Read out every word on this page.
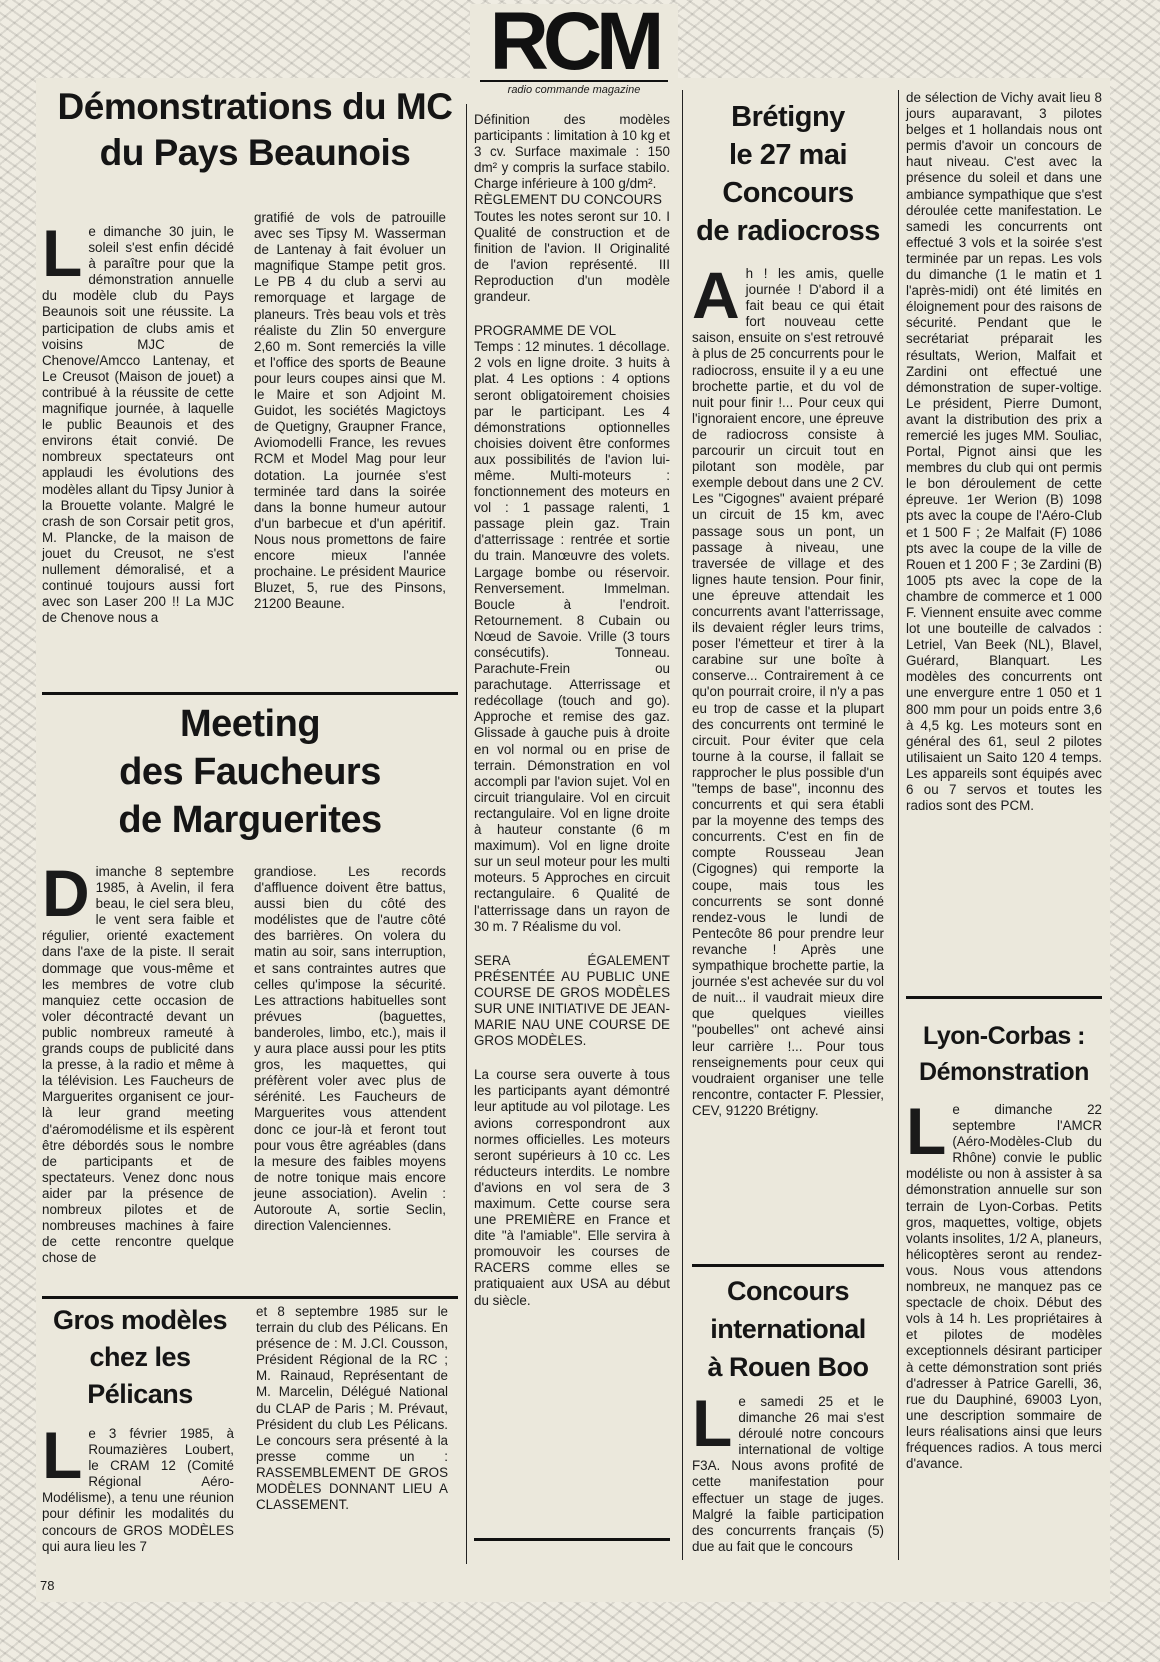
RCM
radio commande magazine
Démonstrations du MC
du Pays Beaunois
L e dimanche 30 juin, le soleil s'est enfin décidé à paraître pour que la démonstration annuelle du modèle club du Pays Beaunois soit une réussite. La participation de clubs amis et voisins MJC de Chenove/Amcco Lantenay, et Le Creusot (Maison de jouet) a contribué à la réussite de cette magnifique journée, à laquelle le public Beaunois et des environs était convié. De nombreux spectateurs ont applaudi les évolutions des modèles allant du Tipsy Junior à la Brouette volante. Malgré le crash de son Corsair petit gros, M. Plancke, de la maison de jouet du Creusot, ne s'est nullement démoralisé, et a continué toujours aussi fort avec son Laser 200 !! La MJC de Chenove nous a
gratifié de vols de patrouille avec ses Tipsy M. Wasserman de Lantenay à fait évoluer un magnifique Stampe petit gros. Le PB 4 du club a servi au remorquage et largage de planeurs. Très beau vols et très réaliste du Zlin 50 envergure 2,60 m. Sont remerciés la ville et l'office des sports de Beaune pour leurs coupes ainsi que M. le Maire et son Adjoint M. Guidot, les sociétés Magictoys de Quetigny, Graupner France, Aviomodelli France, les revues RCM et Model Mag pour leur dotation. La journée s'est terminée tard dans la soirée dans la bonne humeur autour d'un barbecue et d'un apéritif. Nous nous promettons de faire encore mieux l'année prochaine. Le président Maurice Bluzet, 5, rue des Pinsons, 21200 Beaune.
Meeting
des Faucheurs
de Marguerites
D imanche 8 septembre 1985, à Avelin, il fera beau, le ciel sera bleu, le vent sera faible et régulier, orienté exactement dans l'axe de la piste. Il serait dommage que vous-même et les membres de votre club manquiez cette occasion de voler décontracté devant un public nombreux rameuté à grands coups de publicité dans la presse, à la radio et même à la télévision. Les Faucheurs de Marguerites organisent ce jour-là leur grand meeting d'aéromodélisme et ils espèrent être débordés sous le nombre de participants et de spectateurs. Venez donc nous aider par la présence de nombreux pilotes et de nombreuses machines à faire de cette rencontre quelque chose de
grandiose. Les records d'affluence doivent être battus, aussi bien du côté des modélistes que de l'autre côté des barrières. On volera du matin au soir, sans interruption, et sans contraintes autres que celles qu'impose la sécurité. Les attractions habituelles sont prévues (baguettes, banderoles, limbo, etc.), mais il y aura place aussi pour les ptits gros, les maquettes, qui préfèrent voler avec plus de sérénité. Les Faucheurs de Marguerites vous attendent donc ce jour-là et feront tout pour vous être agréables (dans la mesure des faibles moyens de notre tonique mais encore jeune association). Avelin : Autoroute A, sortie Seclin, direction Valenciennes.
Gros modèles
chez les
Pélicans
L e 3 février 1985, à Roumazières Loubert, le CRAM 12 (Comité Régional Aéro-Modélisme), a tenu une réunion pour définir les modalités du concours de GROS MODÈLES qui aura lieu les 7
et 8 septembre 1985 sur le terrain du club des Pélicans. En présence de : M. J.Cl. Cousson, Président Régional de la RC ; M. Rainaud, Représentant de M. Marcelin, Délégué National du CLAP de Paris ; M. Prévaut, Président du club Les Pélicans. Le concours sera présenté à la presse comme un : RASSEMBLEMENT DE GROS MODÈLES DONNANT LIEU A CLASSEMENT.

Définition des modèles participants : limitation à 10 kg et 3 cv. Surface maximale : 150 dm² y compris la surface stabilo. Charge inférieure à 100 g/dm².

RÈGLEMENT DU CONCOURS

Toutes les notes seront sur 10. I Qualité de construction et de finition de l'avion. II Originalité de l'avion représenté. III Reproduction d'un modèle grandeur.

PROGRAMME DE VOL

Temps : 12 minutes. 1 décollage. 2 vols en ligne droite. 3 huits à plat. 4 Les options : 4 options seront obligatoirement choisies par le participant. Les 4 démonstrations optionnelles choisies doivent être conformes aux possibilités de l'avion lui-même. Multi-moteurs : fonctionnement des moteurs en vol : 1 passage ralenti, 1 passage plein gaz. Train d'atterrissage : rentrée et sortie du train. Manœuvre des volets. Largage bombe ou réservoir. Renversement. Immelman. Boucle à l'endroit. Retournement. 8 Cubain ou Nœud de Savoie. Vrille (3 tours consécutifs). Tonneau. Parachute-Frein ou parachutage. Atterrissage et redécollage (touch and go). Approche et remise des gaz. Glissade à gauche puis à droite en vol normal ou en prise de terrain. Démonstration en vol accompli par l'avion sujet. Vol en circuit triangulaire. Vol en circuit rectangulaire. Vol en ligne droite à hauteur constante (6 m maximum). Vol en ligne droite sur un seul moteur pour les multi moteurs. 5 Approches en circuit rectangulaire. 6 Qualité de l'atterrissage dans un rayon de 30 m. 7 Réalisme du vol.

SERA ÉGALEMENT PRÉSENTÉE AU PUBLIC UNE COURSE DE GROS MODÈLES SUR UNE INITIATIVE DE JEAN-MARIE NAU UNE COURSE DE GROS MODÈLES.

La course sera ouverte à tous les participants ayant démontré leur aptitude au vol pilotage. Les avions correspondront aux normes officielles. Les moteurs seront supérieurs à 10 cc. Les réducteurs interdits. Le nombre d'avions en vol sera de 3 maximum. Cette course sera une PREMIÈRE en France et dite "à l'amiable". Elle servira à promouvoir les courses de RACERS comme elles se pratiquaient aux USA au début du siècle.

Brétigny
le 27 mai
Concours
de radiocross
A h ! les amis, quelle journée ! D'abord il a fait beau ce qui était fort nouveau cette saison, ensuite on s'est retrouvé à plus de 25 concurrents pour le radiocross, ensuite il y a eu une brochette partie, et du vol de nuit pour finir !... Pour ceux qui l'ignoraient encore, une épreuve de radiocross consiste à parcourir un circuit tout en pilotant son modèle, par exemple debout dans une 2 CV. Les "Cigognes" avaient préparé un circuit de 15 km, avec passage sous un pont, un passage à niveau, une traversée de village et des lignes haute tension. Pour finir, une épreuve attendait les concurrents avant l'atterrissage, ils devaient régler leurs trims, poser l'émetteur et tirer à la carabine sur une boîte à conserve... Contrairement à ce qu'on pourrait croire, il n'y a pas eu trop de casse et la plupart des concurrents ont terminé le circuit. Pour éviter que cela tourne à la course, il fallait se rapprocher le plus possible d'un "temps de base", inconnu des concurrents et qui sera établi par la moyenne des temps des concurrents. C'est en fin de compte Rousseau Jean (Cigognes) qui remporte la coupe, mais tous les concurrents se sont donné rendez-vous le lundi de Pentecôte 86 pour prendre leur revanche ! Après une sympathique brochette partie, la journée s'est achevée sur du vol de nuit... il vaudrait mieux dire que quelques vieilles "poubelles" ont achevé ainsi leur carrière !... Pour tous renseignements pour ceux qui voudraient organiser une telle rencontre, contacter F. Plessier, CEV, 91220 Brétigny.
Concours
international
à Rouen Boo
L e samedi 25 et le dimanche 26 mai s'est déroulé notre concours international de voltige F3A. Nous avons profité de cette manifestation pour effectuer un stage de juges. Malgré la faible participation des concurrents français (5) due au fait que le concours
de sélection de Vichy avait lieu 8 jours auparavant, 3 pilotes belges et 1 hollandais nous ont permis d'avoir un concours de haut niveau. C'est avec la présence du soleil et dans une ambiance sympathique que s'est déroulée cette manifestation. Le samedi les concurrents ont effectué 3 vols et la soirée s'est terminée par un repas. Les vols du dimanche (1 le matin et 1 l'après-midi) ont été limités en éloignement pour des raisons de sécurité. Pendant que le secrétariat préparait les résultats, Werion, Malfait et Zardini ont effectué une démonstration de super-voltige. Le président, Pierre Dumont, avant la distribution des prix a remercié les juges MM. Souliac, Portal, Pignot ainsi que les membres du club qui ont permis le bon déroulement de cette épreuve. 1er Werion (B) 1098 pts avec la coupe de l'Aéro-Club et 1 500 F ; 2e Malfait (F) 1086 pts avec la coupe de la ville de Rouen et 1 200 F ; 3e Zardini (B) 1005 pts avec la cope de la chambre de commerce et 1 000 F. Viennent ensuite avec comme lot une bouteille de calvados : Letriel, Van Beek (NL), Blavel, Guérard, Blanquart. Les modèles des concurrents ont une envergure entre 1 050 et 1 800 mm pour un poids entre 3,6 à 4,5 kg. Les moteurs sont en général des 61, seul 2 pilotes utilisaient un Saito 120 4 temps. Les appareils sont équipés avec 6 ou 7 servos et toutes les radios sont des PCM.
Lyon-Corbas :
Démonstration
L e dimanche 22 septembre l'AMCR (Aéro-Modèles-Club du Rhône) convie le public modéliste ou non à assister à sa démonstration annuelle sur son terrain de Lyon-Corbas. Petits gros, maquettes, voltige, objets volants insolites, 1/2 A, planeurs, hélicoptères seront au rendez-vous. Nous vous attendons nombreux, ne manquez pas ce spectacle de choix. Début des vols à 14 h. Les propriétaires à et pilotes de modèles exceptionnels désirant participer à cette démonstration sont priés d'adresser à Patrice Garelli, 36, rue du Dauphiné, 69003 Lyon, une description sommaire de leurs réalisations ainsi que leurs fréquences radios. A tous merci d'avance.
78
